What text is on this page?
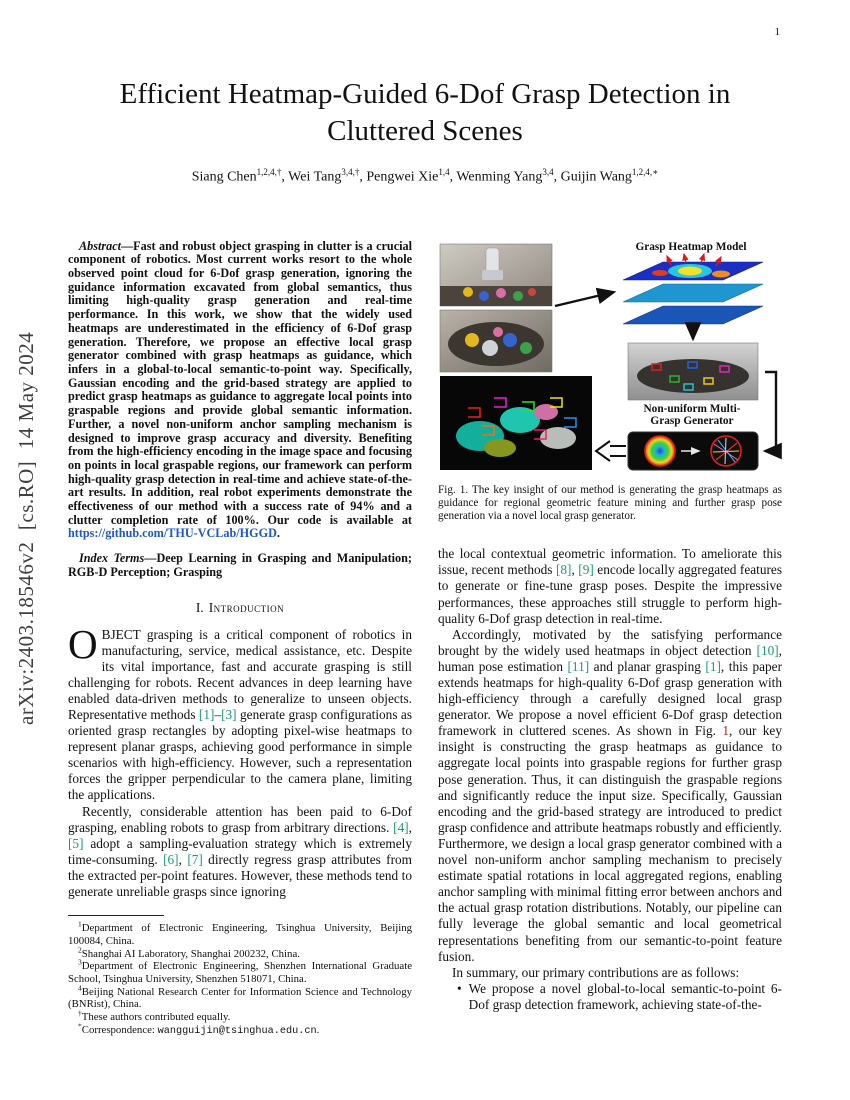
1
arXiv:2403.18546v2  [cs.RO]  14 May 2024
Efficient Heatmap-Guided 6-Dof Grasp Detection in Cluttered Scenes
Siang Chen$^{1,2,4,\dagger}$, Wei Tang$^{3,4,\dagger}$, Pengwei Xie$^{1,4}$, Wenming Yang$^{3,4}$, Guijin Wang$^{1,2,4,∗}$

Abstract—Fast and robust object grasping in clutter is a crucial component of robotics. Most current works resort to the whole observed point cloud for 6-Dof grasp generation, ignoring the guidance information excavated from global semantics, thus limiting high-quality grasp generation and real-time performance. In this work, we show that the widely used heatmaps are underestimated in the efficiency of 6-Dof grasp generation. Therefore, we propose an effective local grasp generator combined with grasp heatmaps as guidance, which infers in a global-to-local semantic-to-point way. Specifically, Gaussian encoding and the grid-based strategy are applied to predict grasp heatmaps as guidance to aggregate local points into graspable regions and provide global semantic information. Further, a novel non-uniform anchor sampling mechanism is designed to improve grasp accuracy and diversity. Benefiting from the high-efficiency encoding in the image space and focusing on points in local graspable regions, our framework can perform high-quality grasp detection in real-time and achieve state-of-the-art results. In addition, real robot experiments demonstrate the effectiveness of our method with a success rate of 94% and a clutter completion rate of 100%. Our code is available at https://github.com/THU-VCLab/HGGD.

Index Terms—Deep Learning in Grasping and Manipulation; RGB-D Perception; Grasping

I. Introduction

OBJECT grasping is a critical component of robotics in manufacturing, service, medical assistance, etc. Despite its vital importance, fast and accurate grasping is still challenging for robots. Recent advances in deep learning have enabled data-driven methods to generalize to unseen objects. Representative methods [1]–[3] generate grasp configurations as oriented grasp rectangles by adopting pixel-wise heatmaps to represent planar grasps, achieving good performance in simple scenarios with high-efficiency. However, such a representation forces the gripper perpendicular to the camera plane, limiting the applications.

Recently, considerable attention has been paid to 6-Dof grasping, enabling robots to grasp from arbitrary directions. [4], [5] adopt a sampling-evaluation strategy which is extremely time-consuming. [6], [7] directly regress grasp attributes from the extracted per-point features. However, these methods tend to generate unreliable grasps since ignoring

$^1$Department of Electronic Engineering, Tsinghua University, Beijing 100084, China.

$^2$Shanghai AI Laboratory, Shanghai 200232, China.

$^3$Department of Electronic Engineering, Shenzhen International Graduate School, Tsinghua University, Shenzhen 518071, China.

$^4$Beijing National Research Center for Information Science and Technology (BNRist), China.

†These authors contributed equally.

*Correspondence: wangguijin@tsinghua.edu.cn.

Grasp Heatmap Model
Non-uniform Multi-
Grasp Generator

Fig. 1. The key insight of our method is generating the grasp heatmaps as guidance for regional geometric feature mining and further grasp pose generation via a novel local grasp generator.

the local contextual geometric information. To ameliorate this issue, recent methods [8], [9] encode locally aggregated features to generate or fine-tune grasp poses. Despite the impressive performances, these approaches still struggle to perform high-quality 6-Dof grasp detection in real-time.

Accordingly, motivated by the satisfying performance brought by the widely used heatmaps in object detection [10], human pose estimation [11] and planar grasping [1], this paper extends heatmaps for high-quality 6-Dof grasp generation with high-efficiency through a carefully designed local grasp generator. We propose a novel efficient 6-Dof grasp detection framework in cluttered scenes. As shown in Fig. 1, our key insight is constructing the grasp heatmaps as guidance to aggregate local points into graspable regions for further grasp pose generation. Thus, it can distinguish the graspable regions and significantly reduce the input size. Specifically, Gaussian encoding and the grid-based strategy are introduced to predict grasp confidence and attribute heatmaps robustly and efficiently. Furthermore, we design a local grasp generator combined with a novel non-uniform anchor sampling mechanism to precisely estimate spatial rotations in local aggregated regions, enabling anchor sampling with minimal fitting error between anchors and the actual grasp rotation distributions. Notably, our pipeline can fully leverage the global semantic and local geometrical representations benefiting from our semantic-to-point feature fusion.

In summary, our primary contributions are as follows:

• We propose a novel global-to-local semantic-to-point 6-Dof grasp detection framework, achieving state-of-the-
